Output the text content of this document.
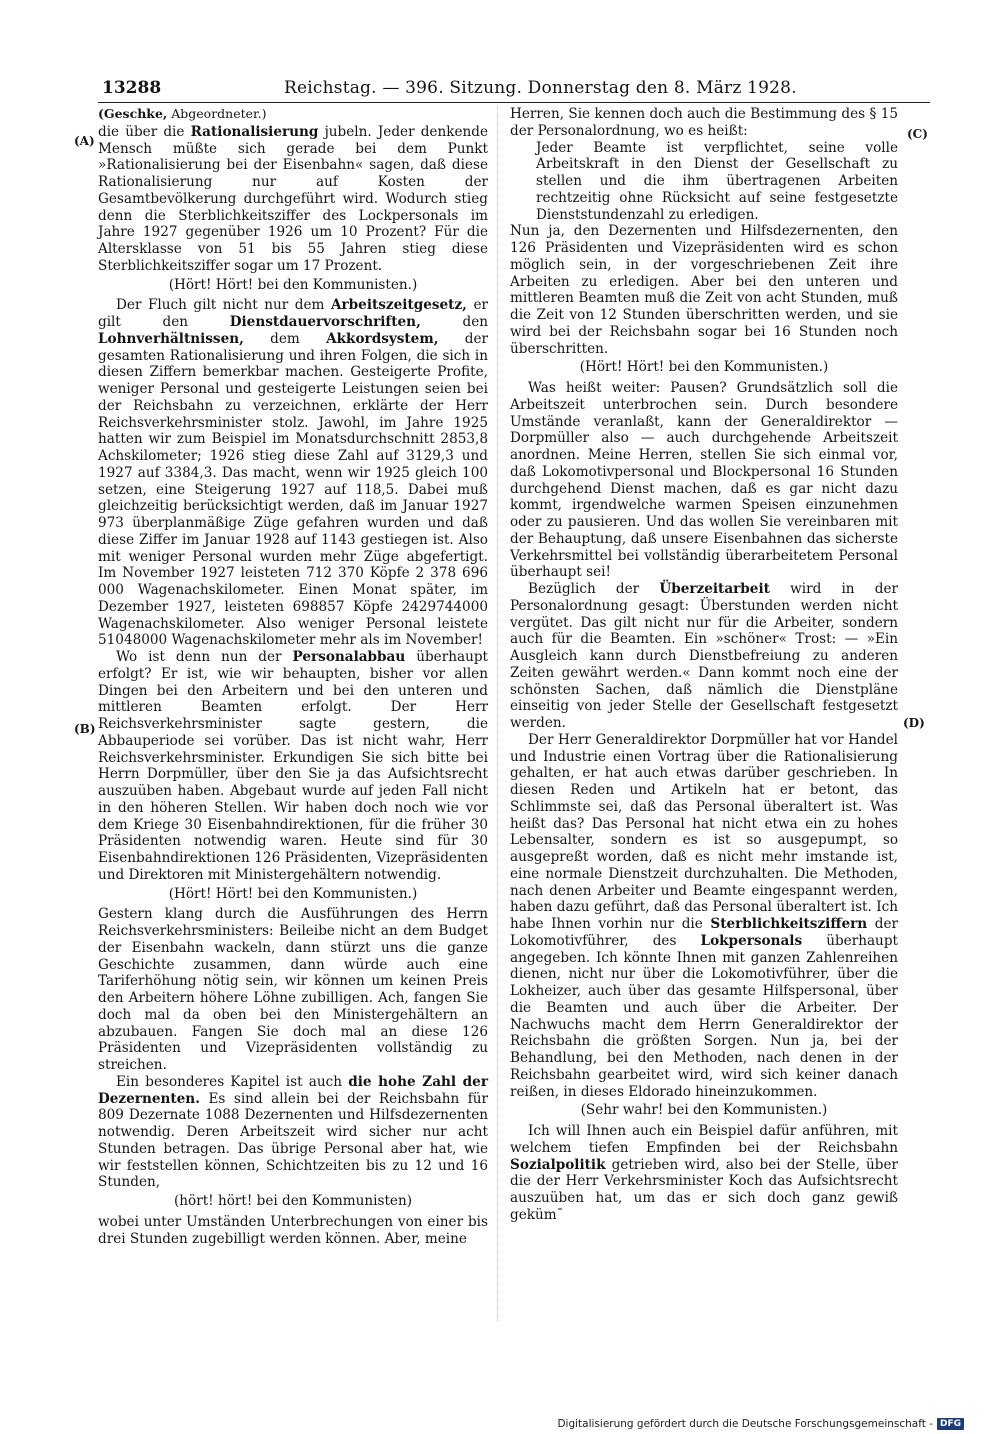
13288	Reichstag. — 396. Sitzung. Donnerstag den 8. März 1928.
(A)
(B)
(C)
(D)
(Geschke, Abgeordneter.)

die über die Rationalisierung jubeln. Jeder denkende Mensch müßte sich gerade bei dem Punkt »Rationalisierung bei der Eisenbahn« sagen, daß diese Rationalisierung nur auf Kosten der Gesamtbevölkerung durchgeführt wird. Wodurch stieg denn die Sterblichkeitsziffer des Lockpersonals im Jahre 1927 gegenüber 1926 um 10 Prozent? Für die Altersklasse von 51 bis 55 Jahren stieg diese Sterblichkeitsziffer sogar um 17 Prozent.

(Hört! Hört! bei den Kommunisten.)

Der Fluch gilt nicht nur dem Arbeitszeitgesetz, er gilt den Dienstdauervorschriften, den Lohnverhältnissen, dem Akkordsystem, der gesamten Rationalisierung und ihren Folgen, die sich in diesen Ziffern bemerkbar machen. Gesteigerte Profite, weniger Personal und gesteigerte Leistungen seien bei der Reichsbahn zu verzeichnen, erklärte der Herr Reichsverkehrsminister stolz. Jawohl, im Jahre 1925 hatten wir zum Beispiel im Monatsdurchschnitt 2853,8 Achskilometer; 1926 stieg diese Zahl auf 3129,3 und 1927 auf 3384,3. Das macht, wenn wir 1925 gleich 100 setzen, eine Steigerung 1927 auf 118,5. Dabei muß gleichzeitig berücksichtigt werden, daß im Januar 1927 973 überplanmäßige Züge gefahren wurden und daß diese Ziffer im Januar 1928 auf 1143 gestiegen ist. Also mit weniger Personal wurden mehr Züge abgefertigt. Im November 1927 leisteten 712 370 Köpfe 2 378 696 000 Wagenachskilometer. Einen Monat später, im Dezember 1927, leisteten 698857 Köpfe 2429744000 Wagenachskilometer. Also weniger Personal leistete 51048000 Wagenachskilometer mehr als im November!

Wo ist denn nun der Personalabbau überhaupt erfolgt? Er ist, wie wir behaupten, bisher vor allen Dingen bei den Arbeitern und bei den unteren und mittleren Beamten erfolgt. Der Herr Reichsverkehrsminister sagte gestern, die Abbauperiode sei vorüber. Das ist nicht wahr, Herr Reichsverkehrsminister. Erkundigen Sie sich bitte bei Herrn Dorpmüller, über den Sie ja das Aufsichtsrecht auszuüben haben. Abgebaut wurde auf jeden Fall nicht in den höheren Stellen. Wir haben doch noch wie vor dem Kriege 30 Eisenbahndirektionen, für die früher 30 Präsidenten notwendig waren. Heute sind für 30 Eisenbahndirektionen 126 Präsidenten, Vizepräsidenten und Direktoren mit Ministergehältern notwendig.

(Hört! Hört! bei den Kommunisten.)

Gestern klang durch die Ausführungen des Herrn Reichsverkehrsministers: Beileibe nicht an dem Budget der Eisenbahn wackeln, dann stürzt uns die ganze Geschichte zusammen, dann würde auch eine Tariferhöhung nötig sein, wir können um keinen Preis den Arbeitern höhere Löhne zubilligen. Ach, fangen Sie doch mal da oben bei den Ministergehältern an abzubauen. Fangen Sie doch mal an diese 126 Präsidenten und Vizepräsidenten vollständig zu streichen.

Ein besonderes Kapitel ist auch die hohe Zahl der Dezernenten. Es sind allein bei der Reichsbahn für 809 Dezernate 1088 Dezernenten und Hilfsdezernenten notwendig. Deren Arbeitszeit wird sicher nur acht Stunden betragen. Das übrige Personal aber hat, wie wir feststellen können, Schichtzeiten bis zu 12 und 16 Stunden,

(hört! hört! bei den Kommunisten)

wobei unter Umständen Unterbrechungen von einer bis drei Stunden zugebilligt werden können. Aber, meine

Herren, Sie kennen doch auch die Bestimmung des § 15 der Personalordnung, wo es heißt:

Jeder Beamte ist verpflichtet, seine volle Arbeitskraft in den Dienst der Gesellschaft zu stellen und die ihm übertragenen Arbeiten rechtzeitig ohne Rücksicht auf seine festgesetzte Dienststundenzahl zu erledigen.

Nun ja, den Dezernenten und Hilfsdezernenten, den 126 Präsidenten und Vizepräsidenten wird es schon möglich sein, in der vorgeschriebenen Zeit ihre Arbeiten zu erledigen. Aber bei den unteren und mittleren Beamten muß die Zeit von acht Stunden, muß die Zeit von 12 Stunden überschritten werden, und sie wird bei der Reichsbahn sogar bei 16 Stunden noch überschritten.

(Hört! Hört! bei den Kommunisten.)

Was heißt weiter: Pausen? Grundsätzlich soll die Arbeitszeit unterbrochen sein. Durch besondere Umstände veranlaßt, kann der Generaldirektor — Dorpmüller also — auch durchgehende Arbeitszeit anordnen. Meine Herren, stellen Sie sich einmal vor, daß Lokomotivpersonal und Blockpersonal 16 Stunden durchgehend Dienst machen, daß es gar nicht dazu kommt, irgendwelche warmen Speisen einzunehmen oder zu pausieren. Und das wollen Sie vereinbaren mit der Behauptung, daß unsere Eisenbahnen das sicherste Verkehrsmittel bei vollständig überarbeitetem Personal überhaupt sei!

Bezüglich der Überzeitarbeit wird in der Personalordnung gesagt: Überstunden werden nicht vergütet. Das gilt nicht nur für die Arbeiter, sondern auch für die Beamten. Ein »schöner« Trost: — »Ein Ausgleich kann durch Dienstbefreiung zu anderen Zeiten gewährt werden.« Dann kommt noch eine der schönsten Sachen, daß nämlich die Dienstpläne einseitig von jeder Stelle der Gesellschaft festgesetzt werden.

Der Herr Generaldirektor Dorpmüller hat vor Handel und Industrie einen Vortrag über die Rationalisierung gehalten, er hat auch etwas darüber geschrieben. In diesen Reden und Artikeln hat er betont, das Schlimmste sei, daß das Personal überaltert ist. Was heißt das? Das Personal hat nicht etwa ein zu hohes Lebensalter, sondern es ist so ausgepumpt, so ausgepreßt worden, daß es nicht mehr imstande ist, eine normale Dienstzeit durchzuhalten. Die Methoden, nach denen Arbeiter und Beamte eingespannt werden, haben dazu geführt, daß das Personal überaltert ist. Ich habe Ihnen vorhin nur die Sterblichkeitsziffern der Lokomotivführer, des Lokpersonals überhaupt angegeben. Ich könnte Ihnen mit ganzen Zahlenreihen dienen, nicht nur über die Lokomotivführer, über die Lokheizer, auch über das gesamte Hilfspersonal, über die Beamten und auch über die Arbeiter. Der Nachwuchs macht dem Herrn Generaldirektor der Reichsbahn die größten Sorgen. Nun ja, bei der Behandlung, bei den Methoden, nach denen in der Reichsbahn gearbeitet wird, wird sich keiner danach reißen, in dieses Eldorado hineinzukommen.

(Sehr wahr! bei den Kommunisten.)

Ich will Ihnen auch ein Beispiel dafür anführen, mit welchem tiefen Empfinden bei der Reichsbahn Sozialpolitik getrieben wird, also bei der Stelle, über die der Herr Verkehrsminister Koch das Aufsichtsrecht auszuüben hat, um das er sich doch ganz gewiß gekümˉ

Digitalisierung gefördert durch die Deutsche Forschungsgemeinschaft - DFG
